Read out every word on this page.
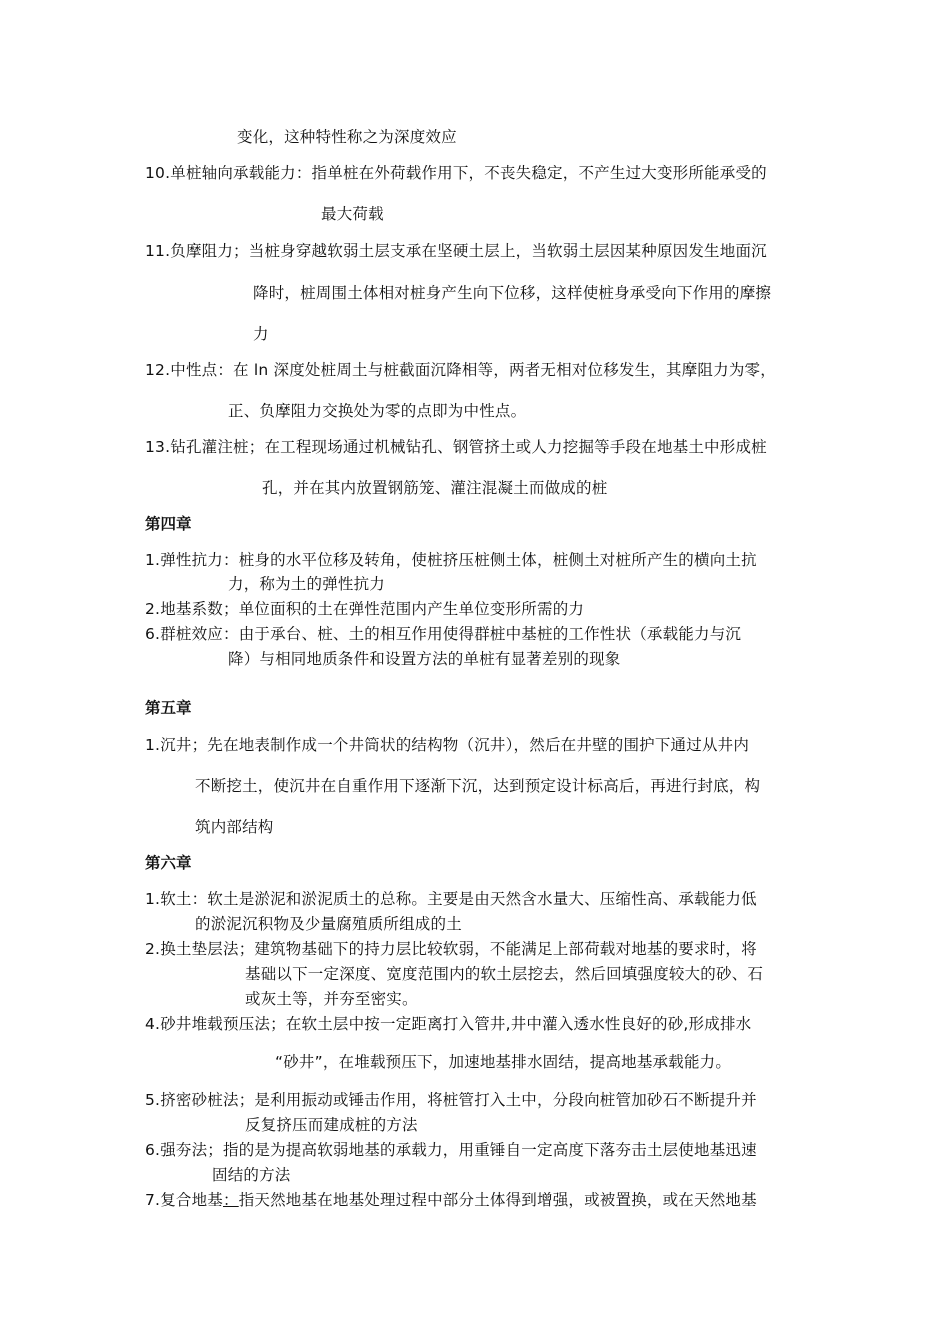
变化，这种特性称之为深度效应
10.单桩轴向承载能力：指单桩在外荷载作用下，不丧失稳定，不产生过大变形所能承受的
最大荷载
11.负摩阻力；当桩身穿越软弱土层支承在坚硬土层上，当软弱土层因某种原因发生地面沉
降时，桩周围土体相对桩身产生向下位移，这样使桩身承受向下作用的摩擦
力
12.中性点：在 ln 深度处桩周土与桩截面沉降相等，两者无相对位移发生，其摩阻力为零，
正、负摩阻力交换处为零的点即为中性点。
13.钻孔灌注桩；在工程现场通过机械钻孔、钢管挤土或人力挖掘等手段在地基土中形成桩
孔，并在其内放置钢筋笼、灌注混凝土而做成的桩
第四章
1.弹性抗力：桩身的水平位移及转角，使桩挤压桩侧土体，桩侧土对桩所产生的横向土抗
力，称为土的弹性抗力
2.地基系数；单位面积的土在弹性范围内产生单位变形所需的力
6.群桩效应：由于承台、桩、土的相互作用使得群桩中基桩的工作性状（承载能力与沉
降）与相同地质条件和设置方法的单桩有显著差别的现象
第五章
1.沉井；先在地表制作成一个井筒状的结构物（沉井），然后在井壁的围护下通过从井内
不断挖土，使沉井在自重作用下逐渐下沉，达到预定设计标高后，再进行封底，构
筑内部结构
第六章
1.软土：软土是淤泥和淤泥质土的总称。主要是由天然含水量大、压缩性高、承载能力低
的淤泥沉积物及少量腐殖质所组成的土
2.换土垫层法；建筑物基础下的持力层比较软弱，不能满足上部荷载对地基的要求时，将
基础以下一定深度、宽度范围内的软土层挖去，然后回填强度较大的砂、石
或灰土等，并夯至密实。
4.砂井堆载预压法；在软土层中按一定距离打入管井,井中灌入透水性良好的砂,形成排水
“砂井”，在堆载预压下，加速地基排水固结，提高地基承载能力。
5.挤密砂桩法；是利用振动或锤击作用，将桩管打入土中，分段向桩管加砂石不断提升并
反复挤压而建成桩的方法
6.强夯法；指的是为提高软弱地基的承载力，用重锤自一定高度下落夯击土层使地基迅速
固结的方法
7.复合地基：指天然地基在地基处理过程中部分土体得到增强，或被置换，或在天然地基
